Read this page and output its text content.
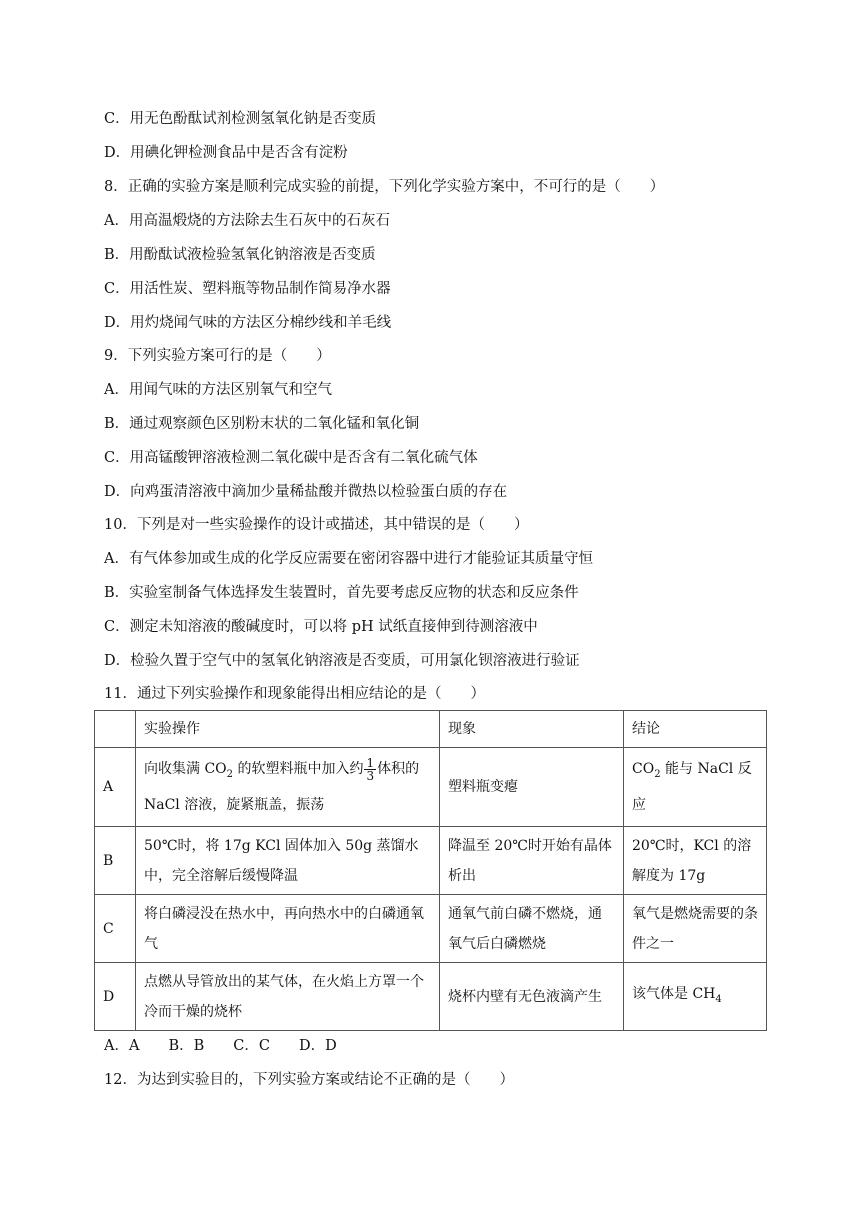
C．用无色酚酞试剂检测氢氧化钠是否变质
D．用碘化钾检测食品中是否含有淀粉
8．正确的实验方案是顺利完成实验的前提，下列化学实验方案中，不可行的是（　　）
A．用高温煅烧的方法除去生石灰中的石灰石
B．用酚酞试液检验氢氧化钠溶液是否变质
C．用活性炭、塑料瓶等物品制作简易净水器
D．用灼烧闻气味的方法区分棉纱线和羊毛线
9．下列实验方案可行的是（　　）
A．用闻气味的方法区别氧气和空气
B．通过观察颜色区别粉末状的二氧化锰和氧化铜
C．用高锰酸钾溶液检测二氧化碳中是否含有二氧化硫气体
D．向鸡蛋清溶液中滴加少量稀盐酸并微热以检验蛋白质的存在
10．下列是对一些实验操作的设计或描述，其中错误的是（　　）
A．有气体参加或生成的化学反应需要在密闭容器中进行才能验证其质量守恒
B．实验室制备气体选择发生装置时，首先要考虑反应物的状态和反应条件
C．测定未知溶液的酸碱度时，可以将 pH 试纸直接伸到待测溶液中
D．检验久置于空气中的氢氧化钠溶液是否变质，可用氯化钡溶液进行验证
11．通过下列实验操作和现象能得出相应结论的是（　　）
	实验操作	现象	结论
A	向收集满 $CO_2$ 的软塑料瓶中加入约 $\frac{1}{3}$ 体积的 NaCl 溶液，旋紧瓶盖，振荡	塑料瓶变瘪	$CO_2$ 能与 NaCl 反应
B	50℃时，将 17g KCl 固体加入 50g 蒸馏水中，完全溶解后缓慢降温	降温至 20℃时开始有晶体析出	20℃时，KCl 的溶解度为 17g
C	将白磷浸没在热水中，再向热水中的白磷通氧气	通氧气前白磷不燃烧，通氧气后白磷燃烧	氧气是燃烧需要的条件之一
D	点燃从导管放出的某气体，在火焰上方罩一个冷而干燥的烧杯	烧杯内壁有无色液滴产生	该气体是 $CH_4$
A．A　　B．B　　C．C　　D．D
12．为达到实验目的，下列实验方案或结论不正确的是（　　）
